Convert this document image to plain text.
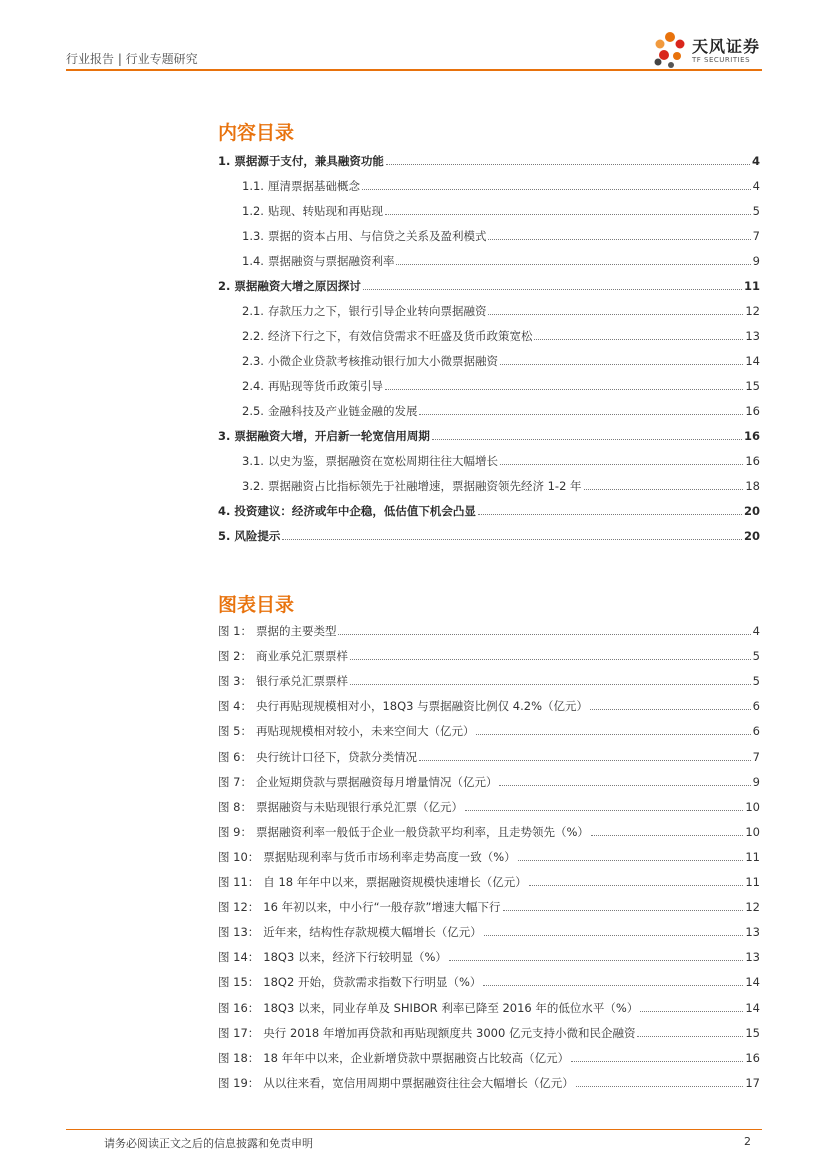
行业报告 | 行业专题研究
天风证券
TF SECURITIES
内容目录
1. 票据源于支付，兼具融资功能	4
1.1. 厘清票据基础概念	4
1.2. 贴现、转贴现和再贴现	5
1.3. 票据的资本占用、与信贷之关系及盈利模式	7
1.4. 票据融资与票据融资利率	9
2. 票据融资大增之原因探讨	11
2.1. 存款压力之下，银行引导企业转向票据融资	12
2.2. 经济下行之下，有效信贷需求不旺盛及货币政策宽松	13
2.3. 小微企业贷款考核推动银行加大小微票据融资	14
2.4. 再贴现等货币政策引导	15
2.5. 金融科技及产业链金融的发展	16
3. 票据融资大增，开启新一轮宽信用周期	16
3.1. 以史为鉴，票据融资在宽松周期往往大幅增长	16
3.2. 票据融资占比指标领先于社融增速，票据融资领先经济 1-2 年	18
4. 投资建议：经济或年中企稳，低估值下机会凸显	20
5. 风险提示	20
图表目录
图 1： 票据的主要类型	4
图 2： 商业承兑汇票票样	5
图 3： 银行承兑汇票票样	5
图 4： 央行再贴现规模相对小，18Q3 与票据融资比例仅 4.2%（亿元）	6
图 5： 再贴现规模相对较小，未来空间大（亿元）	6
图 6： 央行统计口径下，贷款分类情况	7
图 7： 企业短期贷款与票据融资每月增量情况（亿元）	9
图 8： 票据融资与未贴现银行承兑汇票（亿元）	10
图 9： 票据融资利率一般低于企业一般贷款平均利率，且走势领先（%）	10
图 10： 票据贴现利率与货币市场利率走势高度一致（%）	11
图 11： 自 18 年年中以来，票据融资规模快速增长（亿元）	11
图 12： 16 年初以来，中小行“一般存款”增速大幅下行	12
图 13： 近年来，结构性存款规模大幅增长（亿元）	13
图 14： 18Q3 以来，经济下行较明显（%）	13
图 15： 18Q2 开始，贷款需求指数下行明显（%）	14
图 16： 18Q3 以来，同业存单及 SHIBOR 利率已降至 2016 年的低位水平（%）	14
图 17： 央行 2018 年增加再贷款和再贴现额度共 3000 亿元支持小微和民企融资	15
图 18： 18 年年中以来，企业新增贷款中票据融资占比较高（亿元）	16
图 19： 从以往来看，宽信用周期中票据融资往往会大幅增长（亿元）	17
请务必阅读正文之后的信息披露和免责申明	2
